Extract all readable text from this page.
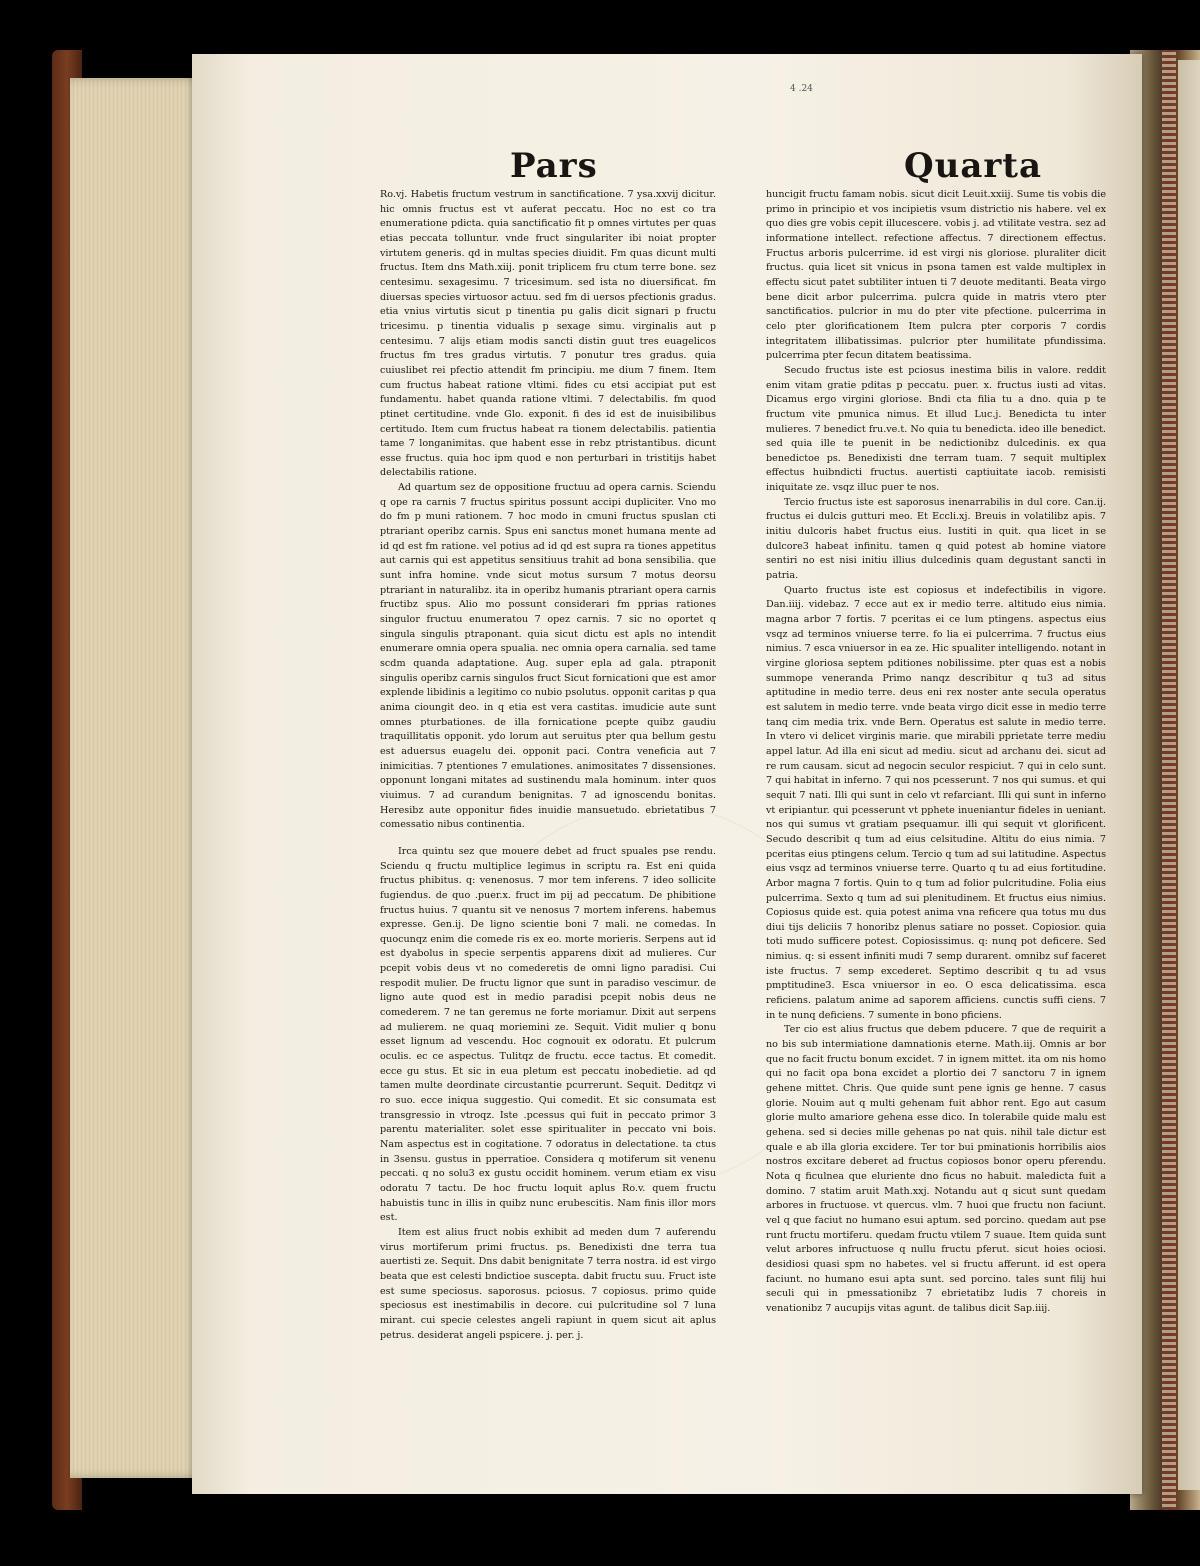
4 .24
Pars	Quarta

Ro.vj. Habetis fructum vestrum in sanctificatione. 7 ysa.xxvij dicitur. hic omnis fructus est vt auferat peccatu. Hoc no est co tra enumeratione pdicta. quia sanctificatio fit p omnes virtutes per quas etias peccata tolluntur. vnde fruct singulariter ibi noiat propter virtutem generis. qd in multas species diuidit. Fm quas dicunt multi fructus. Item dns Math.xiij. ponit triplicem fru ctum terre bone. sez centesimu. sexagesimu. 7 tricesimum. sed ista no diuersificat. fm diuersas species virtuosor actuu. sed fm di uersos pfectionis gradus. etia vnius virtutis sicut p tinentia pu galis dicit signari p fructu tricesimu. p tinentia vidualis p sexage simu. virginalis aut p centesimu. 7 alijs etiam modis sancti distin guut tres euagelicos fructus fm tres gradus virtutis. 7 ponutur tres gradus. quia cuiuslibet rei pfectio attendit fm principiu. me dium 7 finem. Item cum fructus habeat ratione vltimi. fides cu etsi accipiat put est fundamentu. habet quanda ratione vltimi. 7 delectabilis. fm quod ptinet certitudine. vnde Glo. exponit. fi des id est de inuisibilibus certitudo. Item cum fructus habeat ra tionem delectabilis. patientia tame 7 longanimitas. que habent esse in rebz ptristantibus. dicunt esse fructus. quia hoc ipm quod e non perturbari in tristitijs habet delectabilis ratione.

Ad quartum sez de oppositione fructuu ad opera carnis. Sciendu q ope ra carnis 7 fructus spiritus possunt accipi dupliciter. Vno mo do fm p muni rationem. 7 hoc modo in cmuni fructus spuslan cti ptrariant operibz carnis. Spus eni sanctus monet humana mente ad id qd est fm ratione. vel potius ad id qd est supra ra tiones appetitus aut carnis qui est appetitus sensitiuus trahit ad bona sensibilia. que sunt infra homine. vnde sicut motus sursum 7 motus deorsu ptrariant in naturalibz. ita in operibz humanis ptrariant opera carnis fructibz spus. Alio mo possunt considerari fm pprias rationes singulor fructuu enumeratou 7 opez carnis. 7 sic no oportet q singula singulis ptraponant. quia sicut dictu est apls no intendit enumerare omnia opera spualia. nec omnia opera carnalia. sed tame scdm quanda adaptatione. Aug. super epla ad gala. ptraponit singulis operibz carnis singulos fruct Sicut fornicationi que est amor explende libidinis a legitimo co nubio psolutus. opponit caritas p qua anima cioungit deo. in q etia est vera castitas. imudicie aute sunt omnes pturbationes. de illa fornicatione pcepte quibz gaudiu traquillitatis opponit. ydo lorum aut seruitus pter qua bellum gestu est aduersus euagelu dei. opponit paci. Contra veneficia aut 7 inimicitias. 7 ptentiones 7 emulationes. animositates 7 dissensiones. opponunt longani mitates ad sustinendu mala hominum. inter quos viuimus. 7 ad curandum benignitas. 7 ad ignoscendu bonitas. Heresibz aute opponitur fides inuidie mansuetudo. ebrietatibus 7 comessatio nibus continentia.

Irca quintu sez que mouere debet ad fruct spuales pse rendu. Sciendu q fructu multiplice legimus in scriptu ra. Est eni quida fructus phibitus. q: venenosus. 7 mor tem inferens. 7 ideo sollicite fugiendus. de quo .puer.x. fruct im pij ad peccatum. De phibitione fructus huius. 7 quantu sit ve nenosus 7 mortem inferens. habemus expresse. Gen.ij. De ligno scientie boni 7 mali. ne comedas. In quocunqz enim die comede ris ex eo. morte morieris. Serpens aut id est dyabolus in specie serpentis apparens dixit ad mulieres. Cur pcepit vobis deus vt no comederetis de omni ligno paradisi. Cui respodit mulier. De fructu lignor que sunt in paradiso vescimur. de ligno aute quod est in medio paradisi pcepit nobis deus ne comederem. 7 ne tan geremus ne forte moriamur. Dixit aut serpens ad mulierem. ne quaq moriemini ze. Sequit. Vidit mulier q bonu esset lignum ad vescendu. Hoc cognouit ex odoratu. Et pulcrum oculis. ec ce aspectus. Tulitqz de fructu. ecce tactus. Et comedit. ecce gu stus. Et sic in eua pletum est peccatu inobedietie. ad qd tamen multe deordinate circustantie pcurrerunt. Sequit. Deditqz vi ro suo. ecce iniqua suggestio. Qui comedit. Et sic consumata est transgressio in vtroqz. Iste .pcessus qui fuit in peccato primor 3 parentu materialiter. solet esse spiritualiter in peccato vni bois. Nam aspectus est in cogitatione. 7 odoratus in delectatione. ta ctus in 3sensu. gustus in pperratioe. Considera q motiferum sit venenu peccati. q no solu3 ex gustu occidit hominem. verum etiam ex visu odoratu 7 tactu. De hoc fructu loquit aplus Ro.v. quem fructu habuistis tunc in illis in quibz nunc erubescitis. Nam finis illor mors est.

Item est alius fruct nobis exhibit ad meden dum 7 auferendu virus mortiferum primi fructus. ps. Benedixisti dne terra tua auertisti ze. Sequit. Dns dabit benignitate 7 terra nostra. id est virgo beata que est celesti bndictioe suscepta. dabit fructu suu. Fruct iste est sume speciosus. saporosus. pciosus. 7 copiosus. primo quide speciosus est inestimabilis in decore. cui pulcritudine sol 7 luna mirant. cui specie celestes angeli rapiunt in quem sicut ait aplus petrus. desiderat angeli pspicere. j. per. j.

huncigit fructu famam nobis. sicut dicit Leuit.xxiij. Sume tis vobis die primo in principio et vos incipietis vsum districtio nis habere. vel ex quo dies gre vobis cepit illucescere. vobis j. ad vtilitate vestra. sez ad informatione intellect. refectione affectus. 7 directionem effectus. Fructus arboris pulcerrime. id est virgi nis gloriose. pluraliter dicit fructus. quia licet sit vnicus in psona tamen est valde multiplex in effectu sicut patet subtiliter intuen ti 7 deuote meditanti. Beata virgo bene dicit arbor pulcerrima. pulcra quide in matris vtero pter sanctificatios. pulcrior in mu do pter vite pfectione. pulcerrima in celo pter glorificationem Item pulcra pter corporis 7 cordis integritatem illibatissimas. pulcrior pter humilitate pfundissima. pulcerrima pter fecun ditatem beatissima.

Secudo fructus iste est pciosus inestima bilis in valore. reddit enim vitam gratie pditas p peccatu. puer. x. fructus iusti ad vitas. Dicamus ergo virgini gloriose. Bndi cta filia tu a dno. quia p te fructum vite pmunica nimus. Et illud Luc.j. Benedicta tu inter mulieres. 7 benedict fru.ve.t. No quia tu benedicta. ideo ille benedict. sed quia ille te puenit in be nedictionibz dulcedinis. ex qua benedictoe ps. Benedixisti dne terram tuam. 7 sequit multiplex effectus huibndicti fructus. auertisti captiuitate iacob. remisisti iniquitate ze. vsqz illuc puer te nos.

Tercio fructus iste est saporosus inenarrabilis in dul core. Can.ij. fructus ei dulcis gutturi meo. Et Eccli.xj. Breuis in volatilibz apis. 7 initiu dulcoris habet fructus eius. Iustiti in quit. qua licet in se dulcore3 habeat infinitu. tamen q quid potest ab homine viatore sentiri no est nisi initiu illius dulcedinis quam degustant sancti in patria.

Quarto fructus iste est copiosus et indefectibilis in vigore. Dan.iiij. videbaz. 7 ecce aut ex ir medio terre. altitudo eius nimia. magna arbor 7 fortis. 7 pceritas ei ce lum ptingens. aspectus eius vsqz ad terminos vniuerse terre. fo lia ei pulcerrima. 7 fructus eius nimius. 7 esca vniuersor in ea ze. Hic spualiter intelligendo. notant in virgine gloriosa septem pditiones nobilissime. pter quas est a nobis summope veneranda Primo nanqz describitur q tu3 ad situs aptitudine in medio terre. deus eni rex noster ante secula operatus est salutem in medio terre. vnde beata virgo dicit esse in medio terre tanq cim media trix. vnde Bern. Operatus est salute in medio terre. In vtero vi delicet virginis marie. que mirabili pprietate terre mediu appel latur. Ad illa eni sicut ad mediu. sicut ad archanu dei. sicut ad re rum causam. sicut ad negocin seculor respiciut. 7 qui in celo sunt. 7 qui habitat in inferno. 7 qui nos pcesserunt. 7 nos qui sumus. et qui sequit 7 nati. Illi qui sunt in celo vt refarciant. Illi qui sunt in inferno vt eripiantur. qui pcesserunt vt pphete inueniantur fideles in ueniant. nos qui sumus vt gratiam psequamur. illi qui sequit vt glorificent. Secudo describit q tum ad eius celsitudine. Altitu do eius nimia. 7 pceritas eius ptingens celum. Tercio q tum ad sui latitudine. Aspectus eius vsqz ad terminos vniuerse terre. Quarto q tu ad eius fortitudine. Arbor magna 7 fortis. Quin to q tum ad folior pulcritudine. Folia eius pulcerrima. Sexto q tum ad sui plenitudinem. Et fructus eius nimius. Copiosus quide est. quia potest anima vna reficere qua totus mu dus diui tijs deliciis 7 honoribz plenus satiare no posset. Copiosior. quia toti mudo sufficere potest. Copiosissimus. q: nunq pot deficere. Sed nimius. q: si essent infiniti mudi 7 semp durarent. omnibz suf faceret iste fructus. 7 semp excederet. Septimo describit q tu ad vsus pmptitudine3. Esca vniuersor in eo. O esca delicatissima. esca reficiens. palatum anime ad saporem afficiens. cunctis suffi ciens. 7 in te nunq deficiens. 7 sumente in bono pficiens.

Ter cio est alius fructus que debem pducere. 7 que de requirit a no bis sub intermiatione damnationis eterne. Math.iij. Omnis ar bor que no facit fructu bonum excidet. 7 in ignem mittet. ita om nis homo qui no facit opa bona excidet a plortio dei 7 sanctoru 7 in ignem gehene mittet. Chris. Que quide sunt pene ignis ge henne. 7 casus glorie. Nouim aut q multi gehenam fuit abhor rent. Ego aut casum glorie multo amariore gehena esse dico. In tolerabile quide malu est gehena. sed si decies mille gehenas po nat quis. nihil tale dictur est quale e ab illa gloria excidere. Ter tor bui pminationis horribilis aios nostros excitare deberet ad fructus copiosos bonor operu pferendu. Nota q ficulnea que eluriente dno ficus no habuit. maledicta fuit a domino. 7 statim aruit Math.xxj. Notandu aut q sicut sunt quedam arbores in fructuose. vt quercus. vlm. 7 huoi que fructu non faciunt. vel q que faciut no humano esui aptum. sed porcino. quedam aut pse runt fructu mortiferu. quedam fructu vtilem 7 suaue. Item quida sunt velut arbores infructuose q nullu fructu pferut. sicut hoies ociosi. desidiosi quasi spm no habetes. vel si fructu afferunt. id est opera faciunt. no humano esui apta sunt. sed porcino. tales sunt filij hui seculi qui in pmessationibz 7 ebrietatibz ludis 7 choreis in venationibz 7 aucupijs vitas agunt. de talibus dicit Sap.iiij.
